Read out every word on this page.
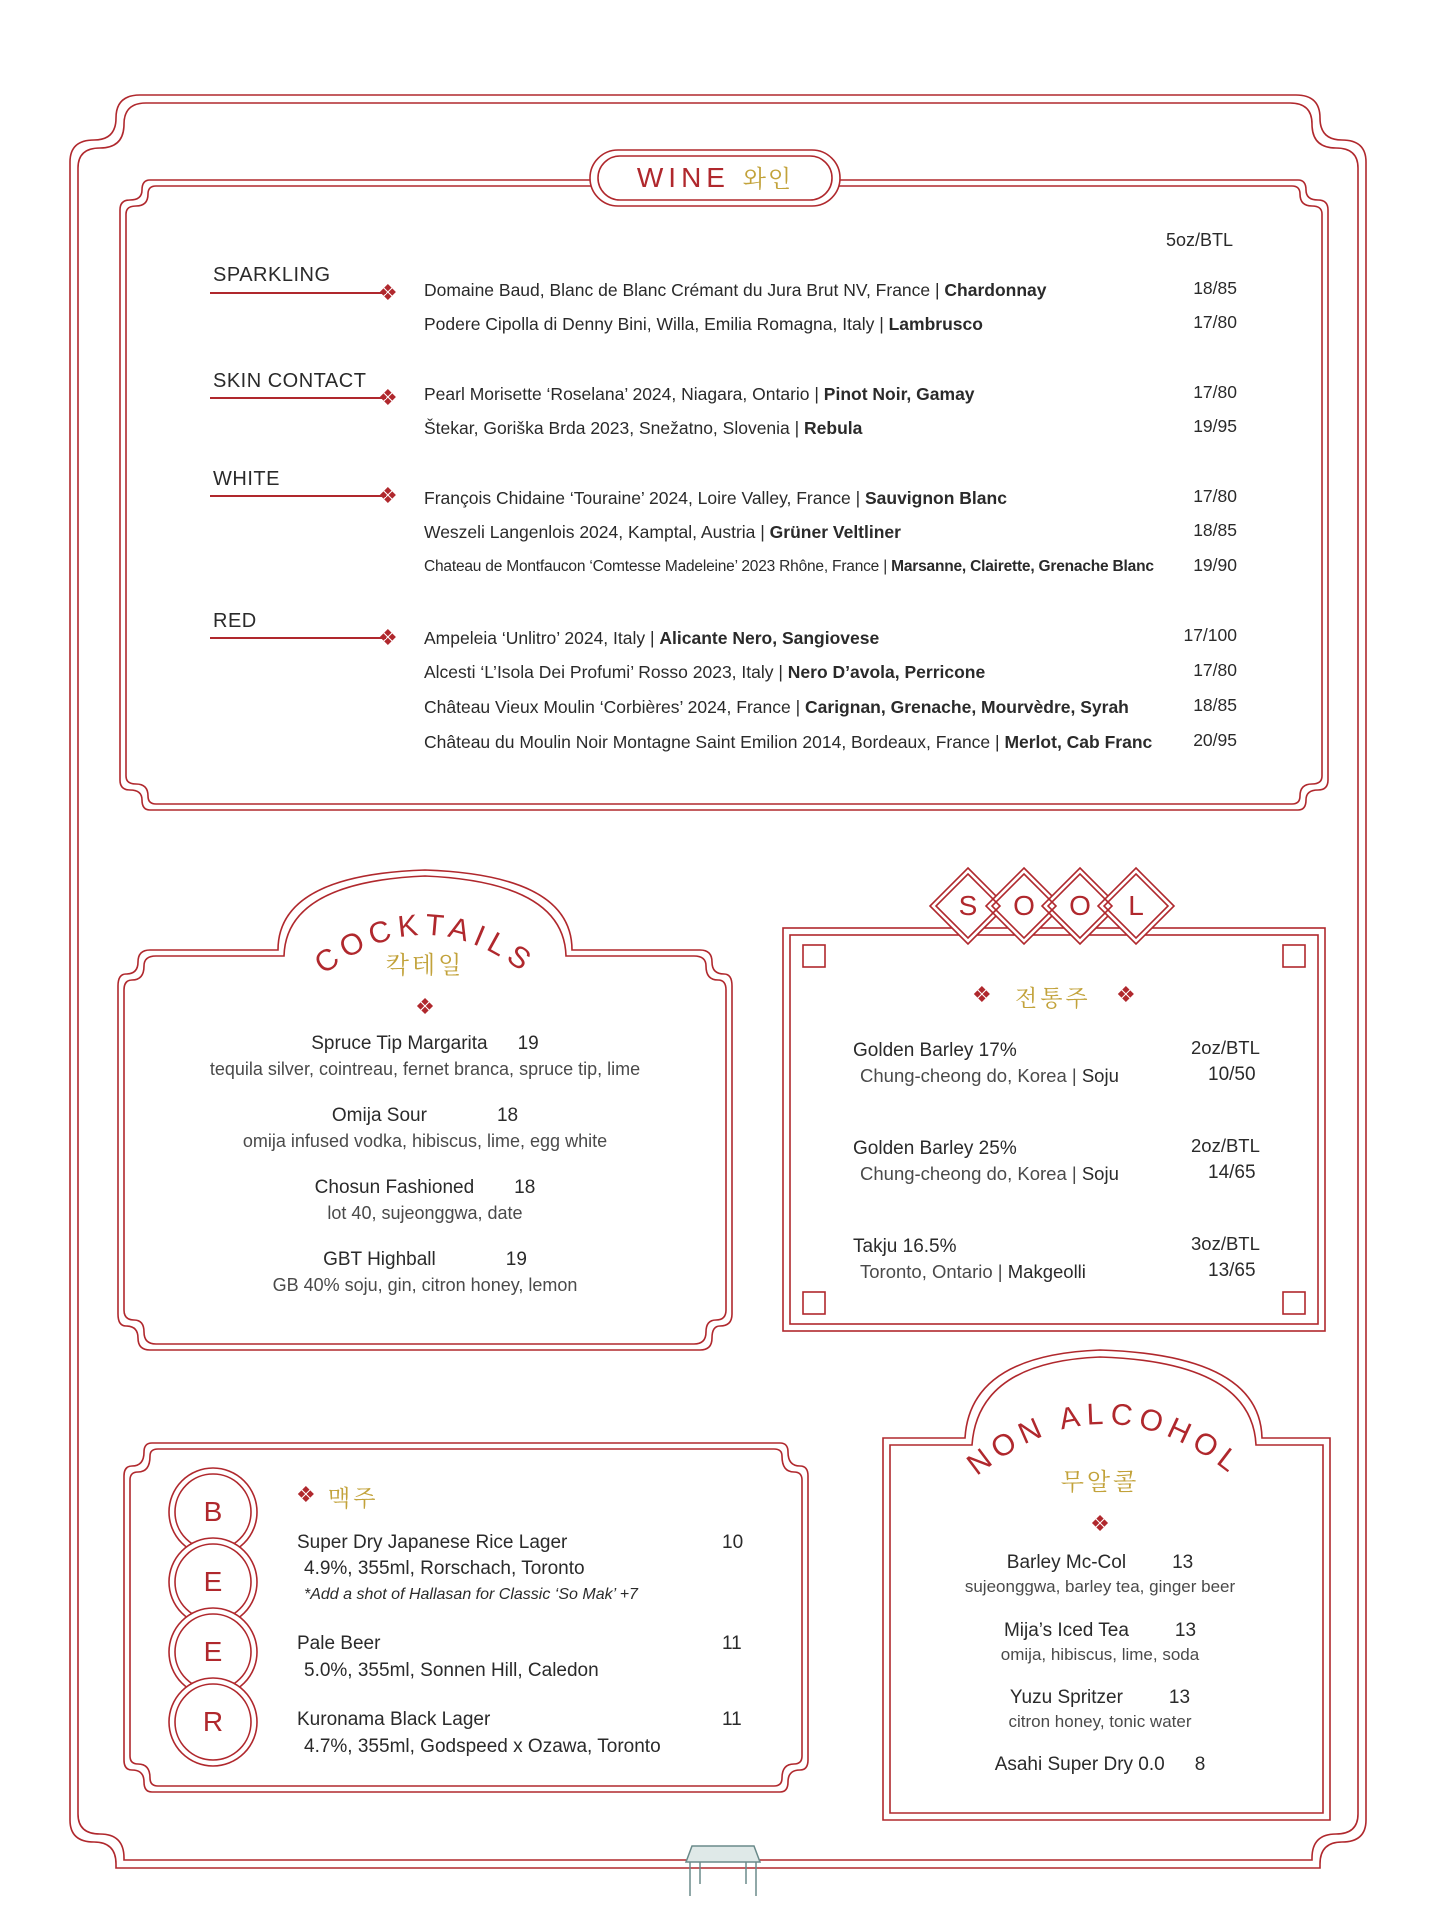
WINE 와인
5oz/BTL
SPARKLING
❖ Domaine Baud, Blanc de Blanc Crémant du Jura Brut NV, France | Chardonnay	18/85
Podere Cipolla di Denny Bini, Willa, Emilia Romagna, Italy | Lambrusco	17/80
SKIN CONTACT
❖ Pearl Morisette ‘Roselana’ 2024, Niagara, Ontario | Pinot Noir, Gamay	17/80
Štekar, Goriška Brda 2023, Snežatno, Slovenia | Rebula	19/95
WHITE
❖ François Chidaine ‘Touraine’ 2024, Loire Valley, France | Sauvignon Blanc	17/80
Weszeli Langenlois 2024, Kamptal, Austria | Grüner Veltliner	18/85
Chateau de Montfaucon ‘Comtesse Madeleine’ 2023 Rhône, France | Marsanne, Clairette, Grenache Blanc	19/90
RED
❖ Ampeleia ‘Unlitro’ 2024, Italy | Alicante Nero, Sangiovese	17/100
Alcesti ‘L’Isola Dei Profumi’ Rosso 2023, Italy | Nero D’avola, Perricone	17/80
Château Vieux Moulin ‘Corbières’ 2024, France | Carignan, Grenache, Mourvèdre, Syrah	18/85
Château du Moulin Noir Montagne Saint Emilion 2014, Bordeaux, France | Merlot, Cab Franc	20/95
COCKTAILS
칵테일
❖
Spruce Tip Margarita 19
tequila silver, cointreau, fernet branca, spruce tip, lime
Omija Sour	18
omija infused vodka, hibiscus, lime, egg white
Chosun Fashioned 18
lot 40, sujeonggwa, date
GBT Highball	19
GB 40% soju, gin, citron honey, lemon
S	O	O	L
❖ 전통주 ❖
Golden Barley 17%
Chung-cheong do, Korea | Soju
2oz/BTL
10/50
Golden Barley 25%
Chung-cheong do, Korea | Soju
2oz/BTL
14/65
Takju 16.5%
Toronto, Ontario | Makgeolli
3oz/BTL
13/65
B
E
E
R
❖ 맥주
Super Dry Japanese Rice Lager	10
4.9%, 355ml, Rorschach, Toronto
*Add a shot of Hallasan for Classic ‘So Mak’ +7
Pale Beer	11
5.0%, 355ml, Sonnen Hill, Caledon
Kuronama Black Lager	11
4.7%, 355ml, Godspeed x Ozawa, Toronto
NON ALCOHOL
무알콜
❖
Barley Mc-Col 13
sujeonggwa, barley tea, ginger beer
Mija’s Iced Tea 13
omija, hibiscus, lime, soda
Yuzu Spritzer 13
citron honey, tonic water
Asahi Super Dry 0.0 8
